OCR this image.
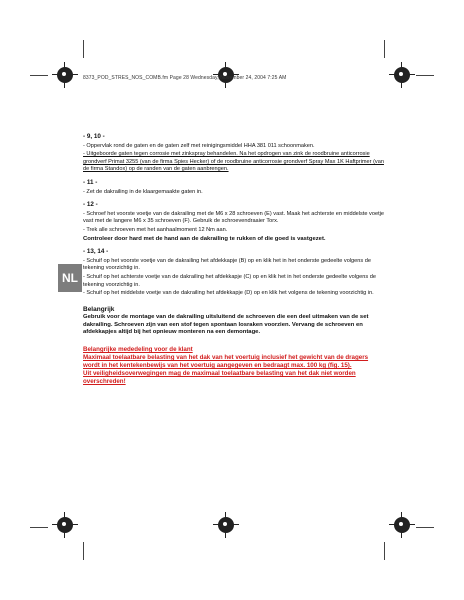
8373_POD_STRES_NOS_COMB.fm Page 28 Wednesday, November 24, 2004 7:25 AM
NL
- 9, 10 -
- Oppervlak rond de gaten en de gaten zelf met reinigingsmiddel HHA 381 011 schoonmaken.
- Uitgeboorde gaten tegen corrosie met zinkspray behandelen. Na het opdrogen van zink de roodbruine anticorrosie grondverf Primat 3255 (van de firma Spies Hecker) of de roodbruine anticorrosie grondverf Spray Max 1K Haftprimer (van de firma Standox) op de randen van de gaten aanbrengen.
- 11 -
- Zet de dakrailing in de klaargemaakte gaten in.
- 12 -
- Schroef het voorste voetje van de dakrailing met de M6 x 28 schroeven (E) vast. Maak het achterste en middelste voetje vast met de langere M6 x 35 schroeven (F). Gebruik de schroevendraaier Torx.
- Trek alle schroeven met het aanhaalmoment 12 Nm aan.
Controleer door hard met de hand aan de dakrailing te rukken of die goed is vastgezet.
- 13, 14 -
- Schuif op het voorste voetje van de dakrailing het afdekkapje (B) op en klik het in het onderste gedeelte volgens de tekening voorzichtig in.
- Schuif op het achterste voetje van de dakrailing het afdekkapje (C) op en klik het in het onderste gedeelte volgens de tekening voorzichtig in.
- Schuif op het middelste voetje van de dakrailing het afdekkapje (D) op en klik het volgens de tekening voorzichtig in.
Belangrijk
Gebruik voor de montage van de dakrailing uitsluitend de schroeven die een deel uitmaken van de set dakrailing. Schroeven zijn van een stof tegen spontaan losraken voorzien. Vervang de schroeven en afdekkapjes altijd bij het opnieuw monteren na een demontage.
Belangrijke mededeling voor de klant
Maximaal toelaatbare belasting van het dak van het voertuig inclusief het gewicht van de dragers wordt in het kentekenbewijs van het voertuig aangegeven en bedraagt max. 100 kg (fig. 15).
Uit veiligheidsoverwegingen mag de maximaal toelaatbare belasting van het dak niet worden overschreden!
